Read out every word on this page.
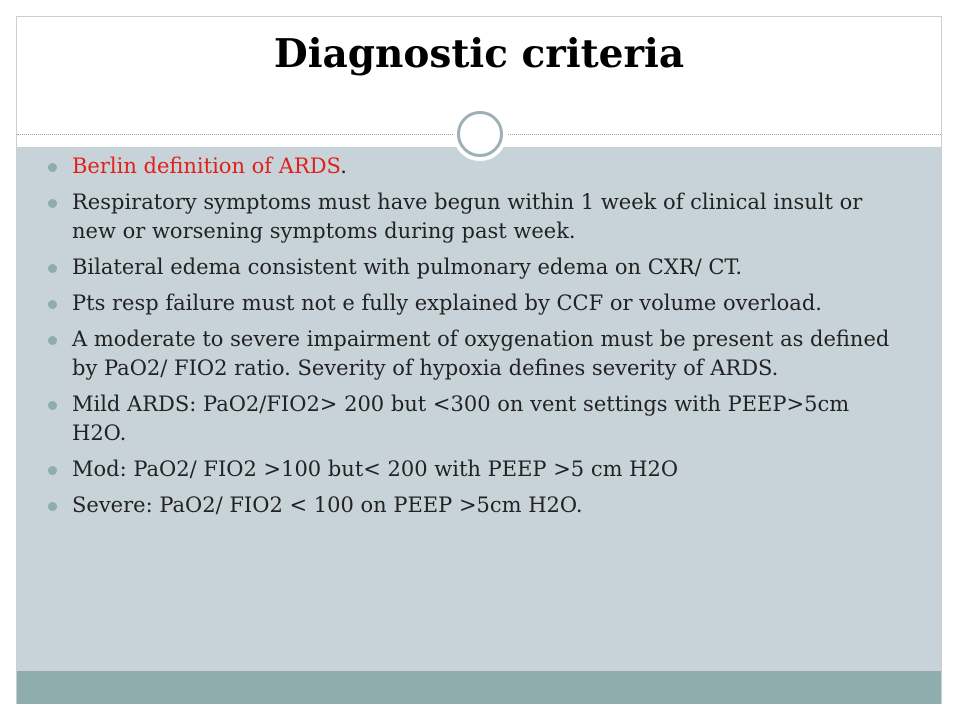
Diagnostic criteria
Berlin definition of ARDS.
Respiratory symptoms must have begun within 1 week of clinical insult or new or worsening symptoms during past week.
Bilateral edema consistent with pulmonary edema on CXR/ CT.
Pts resp failure must not e fully explained by CCF or volume overload.
A moderate to severe impairment of oxygenation must be present as defined by PaO2/ FIO2 ratio. Severity of hypoxia defines severity of ARDS.
Mild ARDS: PaO2/FIO2> 200 but <300 on vent settings with PEEP>5cm H2O.
Mod: PaO2/ FIO2 >100 but< 200 with PEEP >5 cm H2O
Severe: PaO2/ FIO2 < 100 on PEEP >5cm H2O.
